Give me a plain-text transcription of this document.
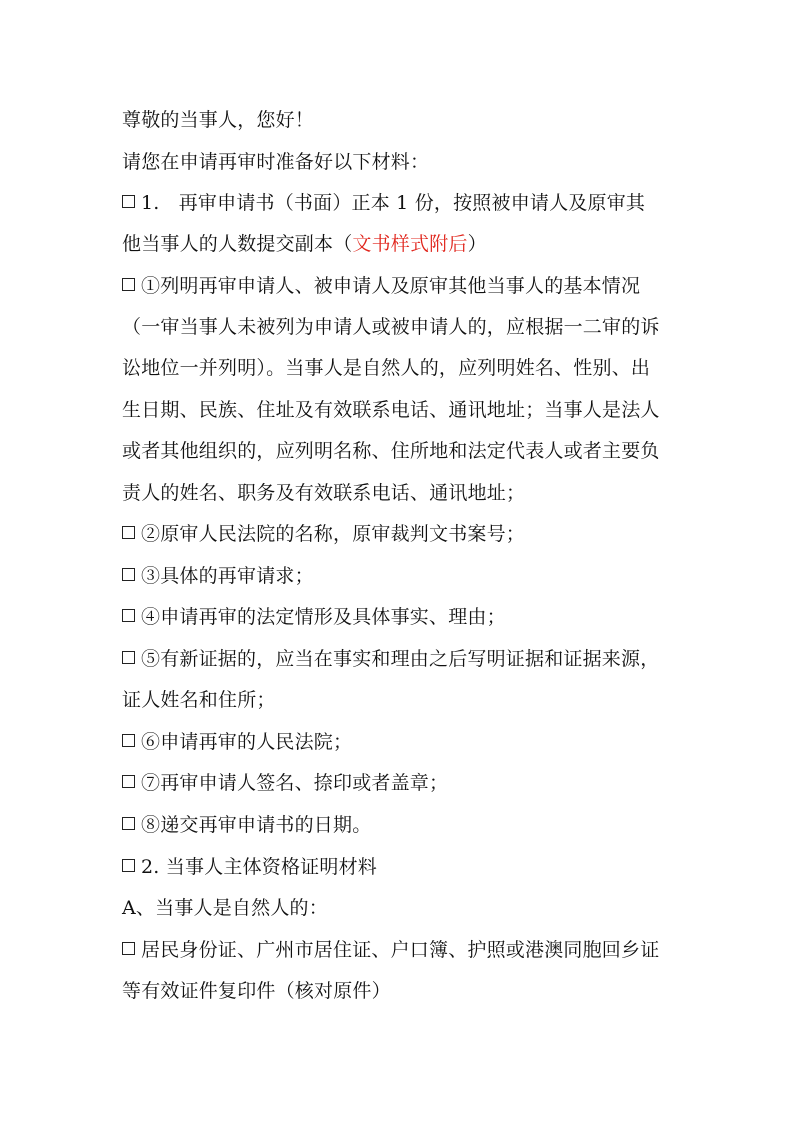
尊敬的当事人，您好！
请您在申请再审时准备好以下材料：
1.　再审申请书（书面）正本 1 份，按照被申请人及原审其
他当事人的人数提交副本（文书样式附后）
①列明再审申请人、被申请人及原审其他当事人的基本情况
（一审当事人未被列为申请人或被申请人的，应根据一二审的诉
讼地位一并列明）。当事人是自然人的，应列明姓名、性别、出
生日期、民族、住址及有效联系电话、通讯地址；当事人是法人
或者其他组织的，应列明名称、住所地和法定代表人或者主要负
责人的姓名、职务及有效联系电话、通讯地址；
②原审人民法院的名称，原审裁判文书案号；
③具体的再审请求；
④申请再审的法定情形及具体事实、理由；
⑤有新证据的，应当在事实和理由之后写明证据和证据来源，
证人姓名和住所；
⑥申请再审的人民法院；
⑦再审申请人签名、捺印或者盖章；
⑧递交再审申请书的日期。
2. 当事人主体资格证明材料
A、当事人是自然人的：
居民身份证、广州市居住证、户口簿、护照或港澳同胞回乡证
等有效证件复印件（核对原件）
